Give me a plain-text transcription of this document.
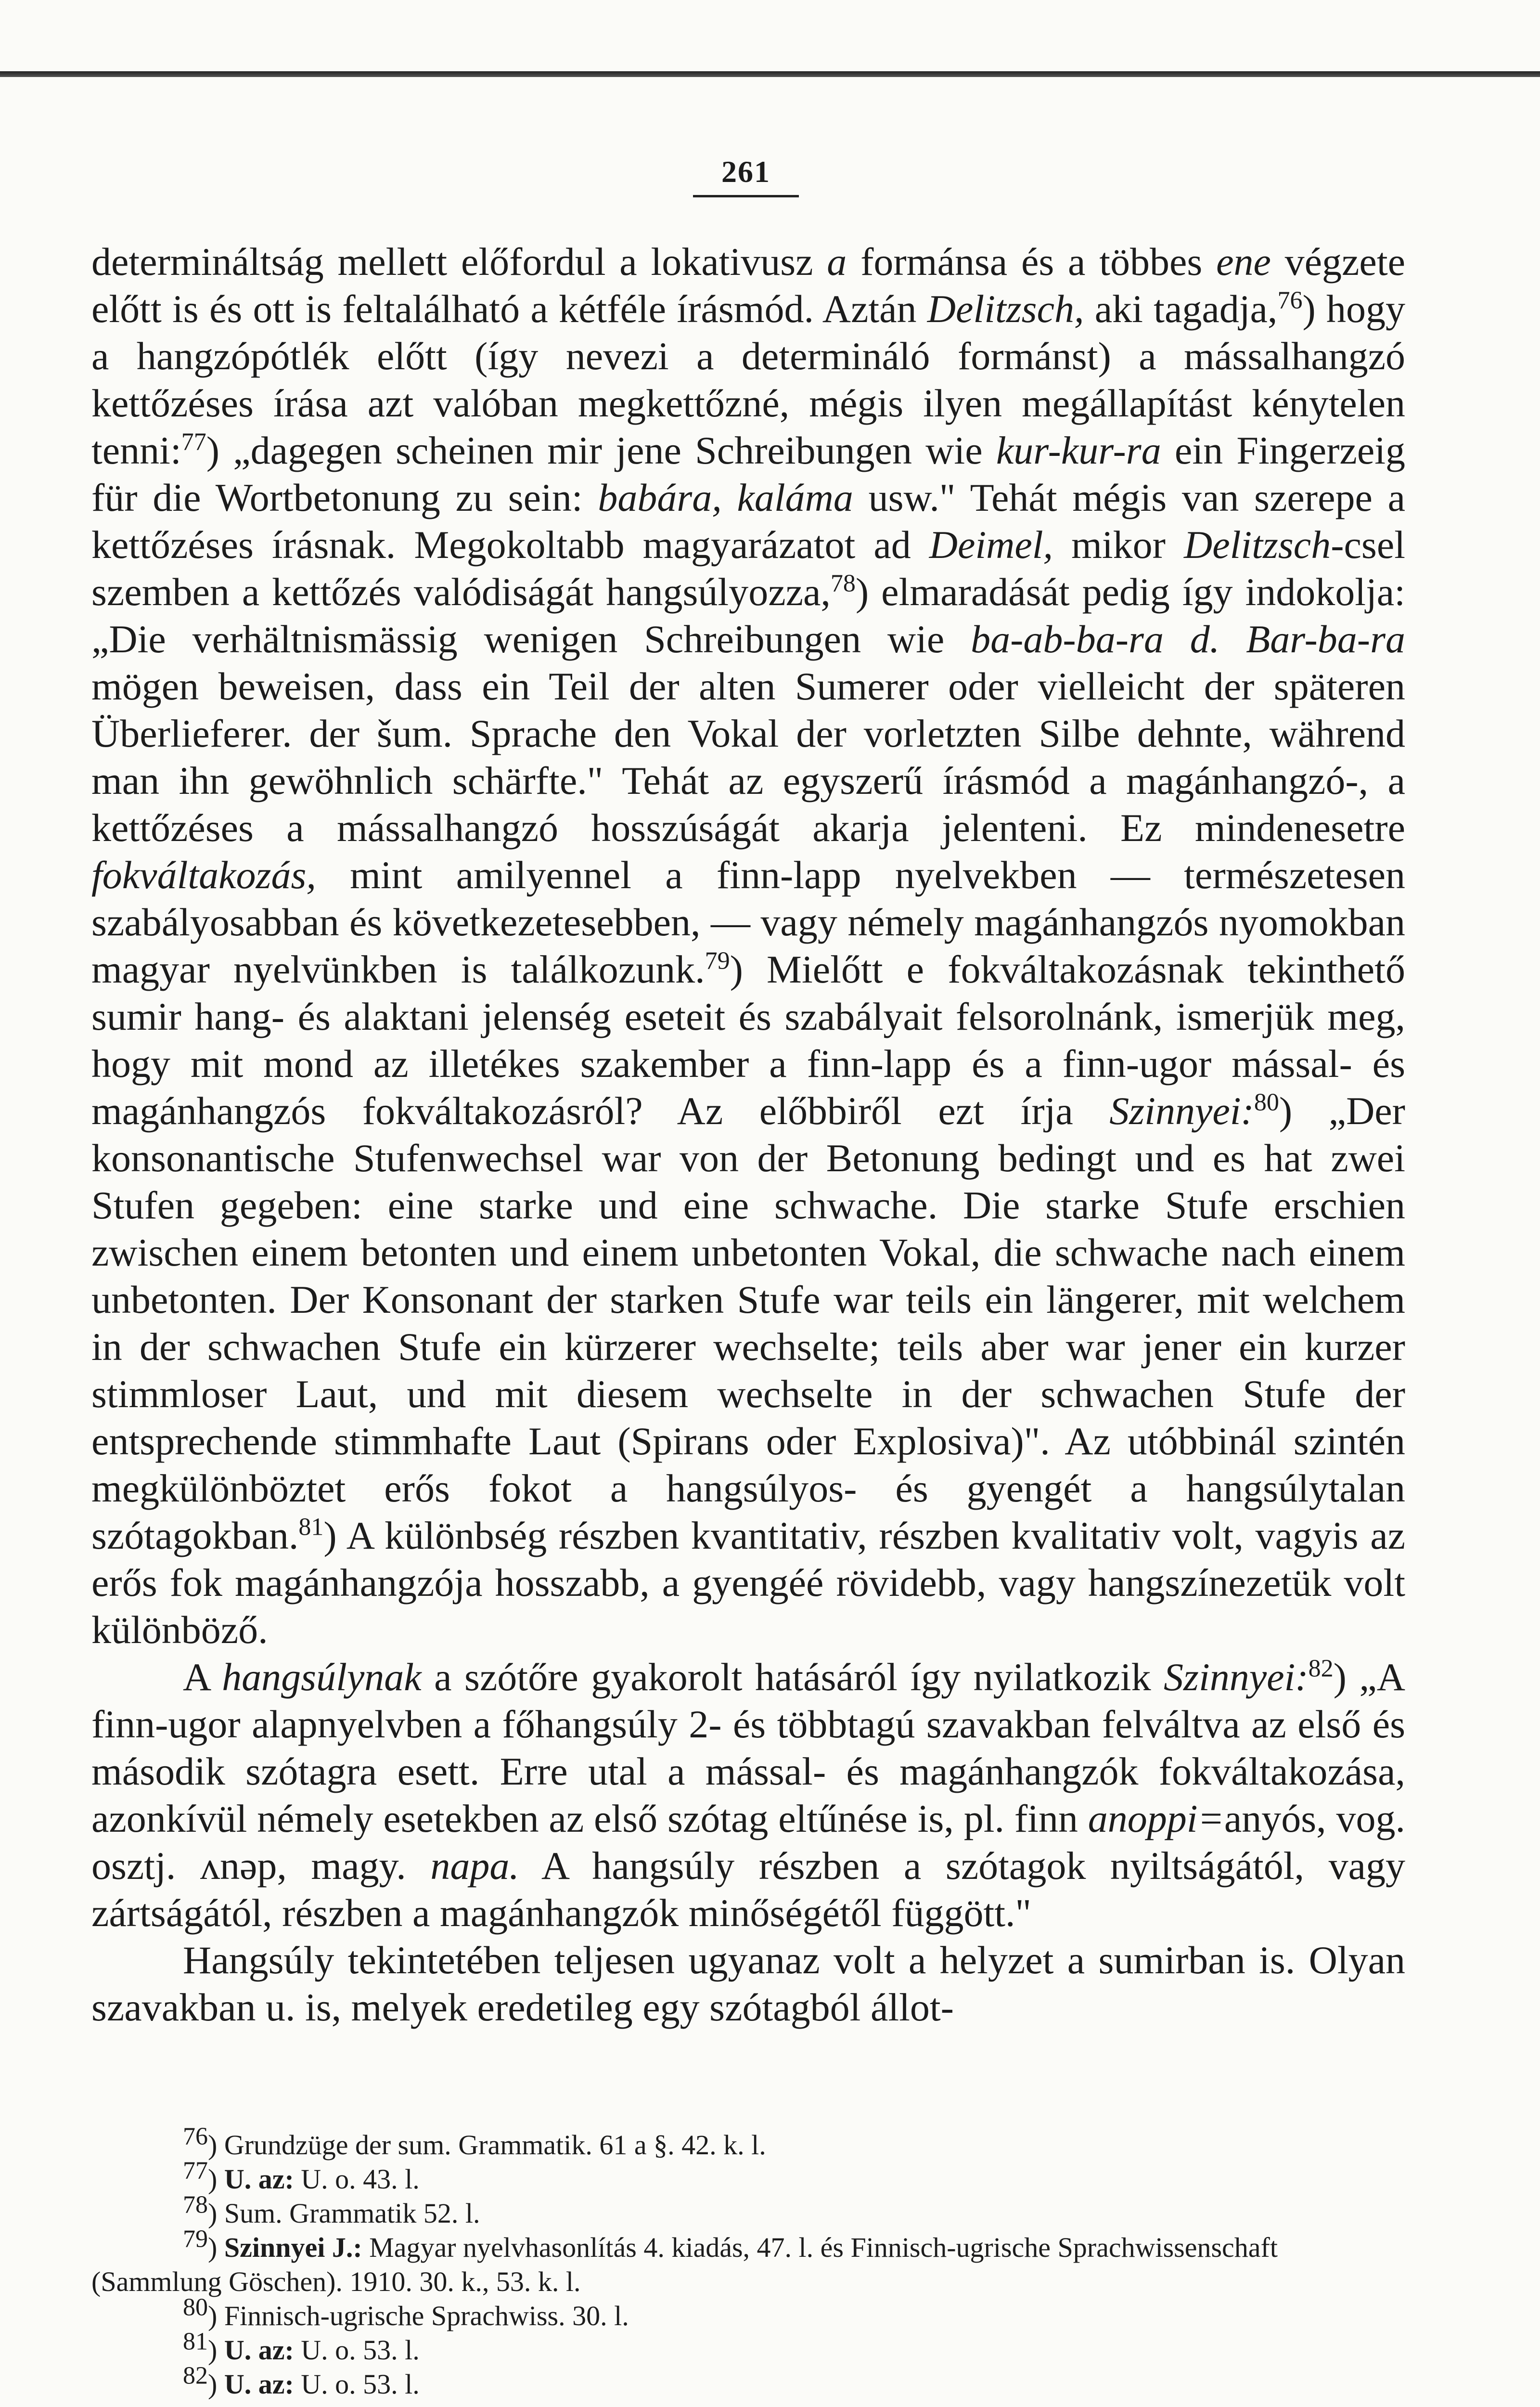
261

determináltság mellett előfordul a lokativusz a formánsa és a többes ene végzete előtt is és ott is feltalálható a kétféle írásmód. Aztán Delitzsch, aki tagadja,$^{76}$) hogy a hangzópótlék előtt (így nevezi a determináló formánst) a mássalhangzó kettőzéses írása azt valóban megkettőzné, mégis ilyen megállapítást kénytelen tenni:$^{77}$) „dagegen scheinen mir jene Schreibungen wie kur-kur-ra ein Fingerzeig für die Wortbetonung zu sein: babára, kaláma usw." Tehát mégis van szerepe a kettőzéses írásnak. Megokoltabb magyarázatot ad Deimel, mikor Delitzsch-csel szemben a kettőzés valódiságát hangsúlyozza,$^{78}$) elmaradását pedig így indokolja: „Die verhältnismässig wenigen Schreibungen wie ba-ab-ba-ra d. Bar-ba-ra mögen beweisen, dass ein Teil der alten Sumerer oder vielleicht der späteren Überlieferer. der šum. Sprache den Vokal der vorletzten Silbe dehnte, während man ihn gewöhnlich schärfte." Tehát az egyszerű írásmód a magánhangzó-, a kettőzéses a mássalhangzó hosszúságát akarja jelenteni. Ez mindenesetre fokváltakozás, mint amilyennel a finn-lapp nyelvekben — természetesen szabályosabban és következetesebben, — vagy némely magánhangzós nyomokban magyar nyelvünkben is találkozunk.$^{79}$) Mielőtt e fokváltakozásnak tekinthető sumir hang- és alaktani jelenség eseteit és szabályait felsorolnánk, ismerjük meg, hogy mit mond az illetékes szakember a finn-lapp és a finn-ugor mással- és magánhangzós fokváltakozásról? Az előbbiről ezt írja Szinnyei:$^{80}$) „Der konsonantische Stufenwechsel war von der Betonung bedingt und es hat zwei Stufen gegeben: eine starke und eine schwache. Die starke Stufe erschien zwischen einem betonten und einem unbetonten Vokal, die schwache nach einem unbetonten. Der Konsonant der starken Stufe war teils ein längerer, mit welchem in der schwachen Stufe ein kürzerer wechselte; teils aber war jener ein kurzer stimmloser Laut, und mit diesem wechselte in der schwachen Stufe der entsprechende stimmhafte Laut (Spirans oder Explosiva)". Az utóbbinál szintén megkülönböztet erős fokot a hangsúlyos- és gyengét a hangsúlytalan szótagokban.$^{81}$) A különbség részben kvantitativ, részben kvalitativ volt, vagyis az erős fok magánhangzója hosszabb, a gyengéé rövidebb, vagy hangszínezetük volt különböző.

A hangsúlynak a szótőre gyakorolt hatásáról így nyilatkozik Szinnyei:$^{82}$) „A finn-ugor alapnyelvben a főhangsúly 2- és többtagú szavakban felváltva az első és második szótagra esett. Erre utal a mással- és magánhangzók fokváltakozása, azonkívül némely esetekben az első szótag eltűnése is, pl. finn anoppi=anyós, vog. osztj. ʌnəp, magy. napa. A hangsúly részben a szótagok nyiltságától, vagy zártságától, részben a magánhangzók minőségétől függött."

Hangsúly tekintetében teljesen ugyanaz volt a helyzet a sumirban is. Olyan szavakban u. is, melyek eredetileg egy szótagból állot-

$^{76}$) Grundzüge der sum. Grammatik. 61 a §. 42. k. l.

$^{77}$) U. az: U. o. 43. l.

$^{78}$) Sum. Grammatik 52. l.

$^{79}$) Szinnyei J.: Magyar nyelvhasonlítás 4. kiadás, 47. l. és Finnisch-ugrische Sprachwissenschaft (Sammlung Göschen). 1910. 30. k., 53. k. l.

$^{80}$) Finnisch-ugrische Sprachwiss. 30. l.

$^{81}$) U. az: U. o. 53. l.

$^{82}$) U. az: U. o. 53. l.
